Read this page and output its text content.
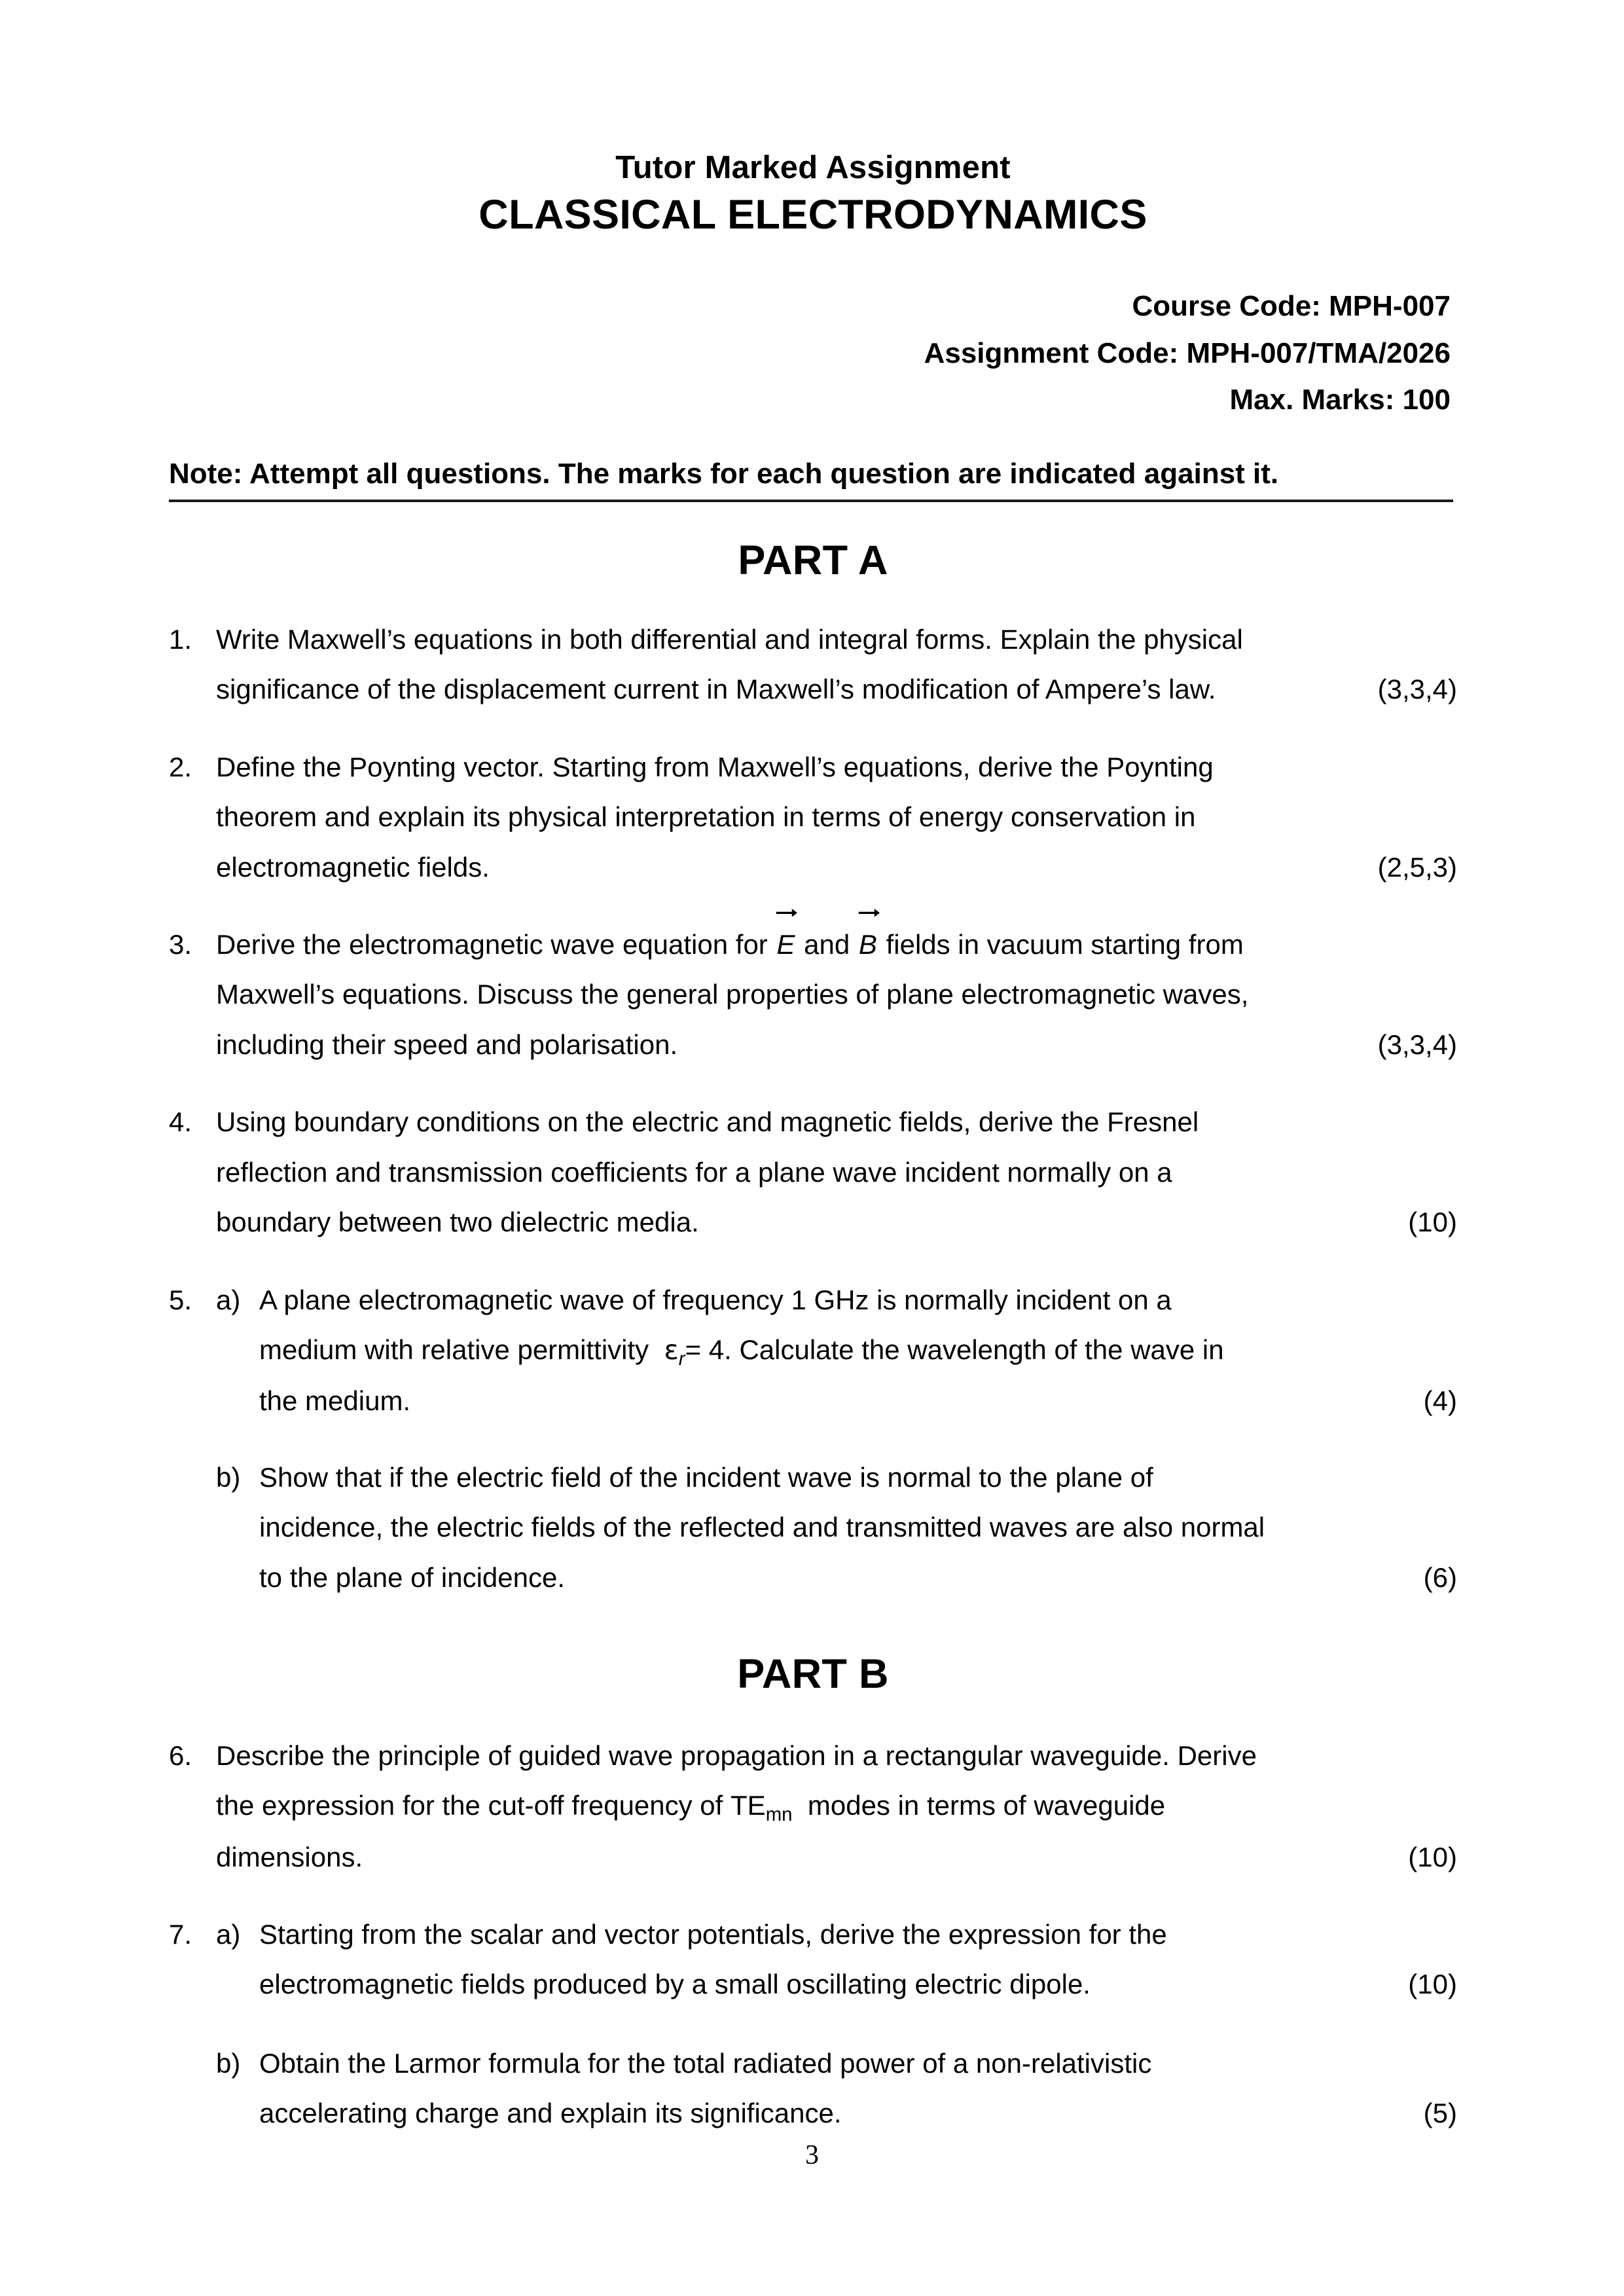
Tutor Marked Assignment
CLASSICAL ELECTRODYNAMICS
Course Code: MPH-007
Assignment Code: MPH-007/TMA/2026
Max. Marks: 100
Note: Attempt all questions. The marks for each question are indicated against it.
PART A
1. Write Maxwell’s equations in both differential and integral forms. Explain the physical

significance of the displacement current in Maxwell’s modification of Ampere’s law.	(3,3,4)

2. Define the Poynting vector. Starting from Maxwell’s equations, derive the Poynting

theorem and explain its physical interpretation in terms of energy conservation in

electromagnetic fields.	(2,5,3)

3. Derive the electromagnetic wave equation for E and B fields in vacuum starting from

Maxwell’s equations. Discuss the general properties of plane electromagnetic waves,

including their speed and polarisation.	(3,3,4)

4. Using boundary conditions on the electric and magnetic fields, derive the Fresnel

reflection and transmission coefficients for a plane wave incident normally on a

boundary between two dielectric media.	(10)

5. a) A plane electromagnetic wave of frequency 1 GHz is normally incident on a

medium with relative permittivity $\varepsilon_r= 4$. Calculate the wavelength of the wave in

the medium.	(4)

b) Show that if the electric field of the incident wave is normal to the plane of

incidence, the electric fields of the reflected and transmitted waves are also normal

to the plane of incidence.	(6)

PART B
6. Describe the principle of guided wave propagation in a rectangular waveguide. Derive

the expression for the cut-off frequency of $TE_{mn}$ modes in terms of waveguide

dimensions.	(10)

7. a) Starting from the scalar and vector potentials, derive the expression for the

electromagnetic fields produced by a small oscillating electric dipole.	(10)

b) Obtain the Larmor formula for the total radiated power of a non-relativistic

accelerating charge and explain its significance.	(5)

3
